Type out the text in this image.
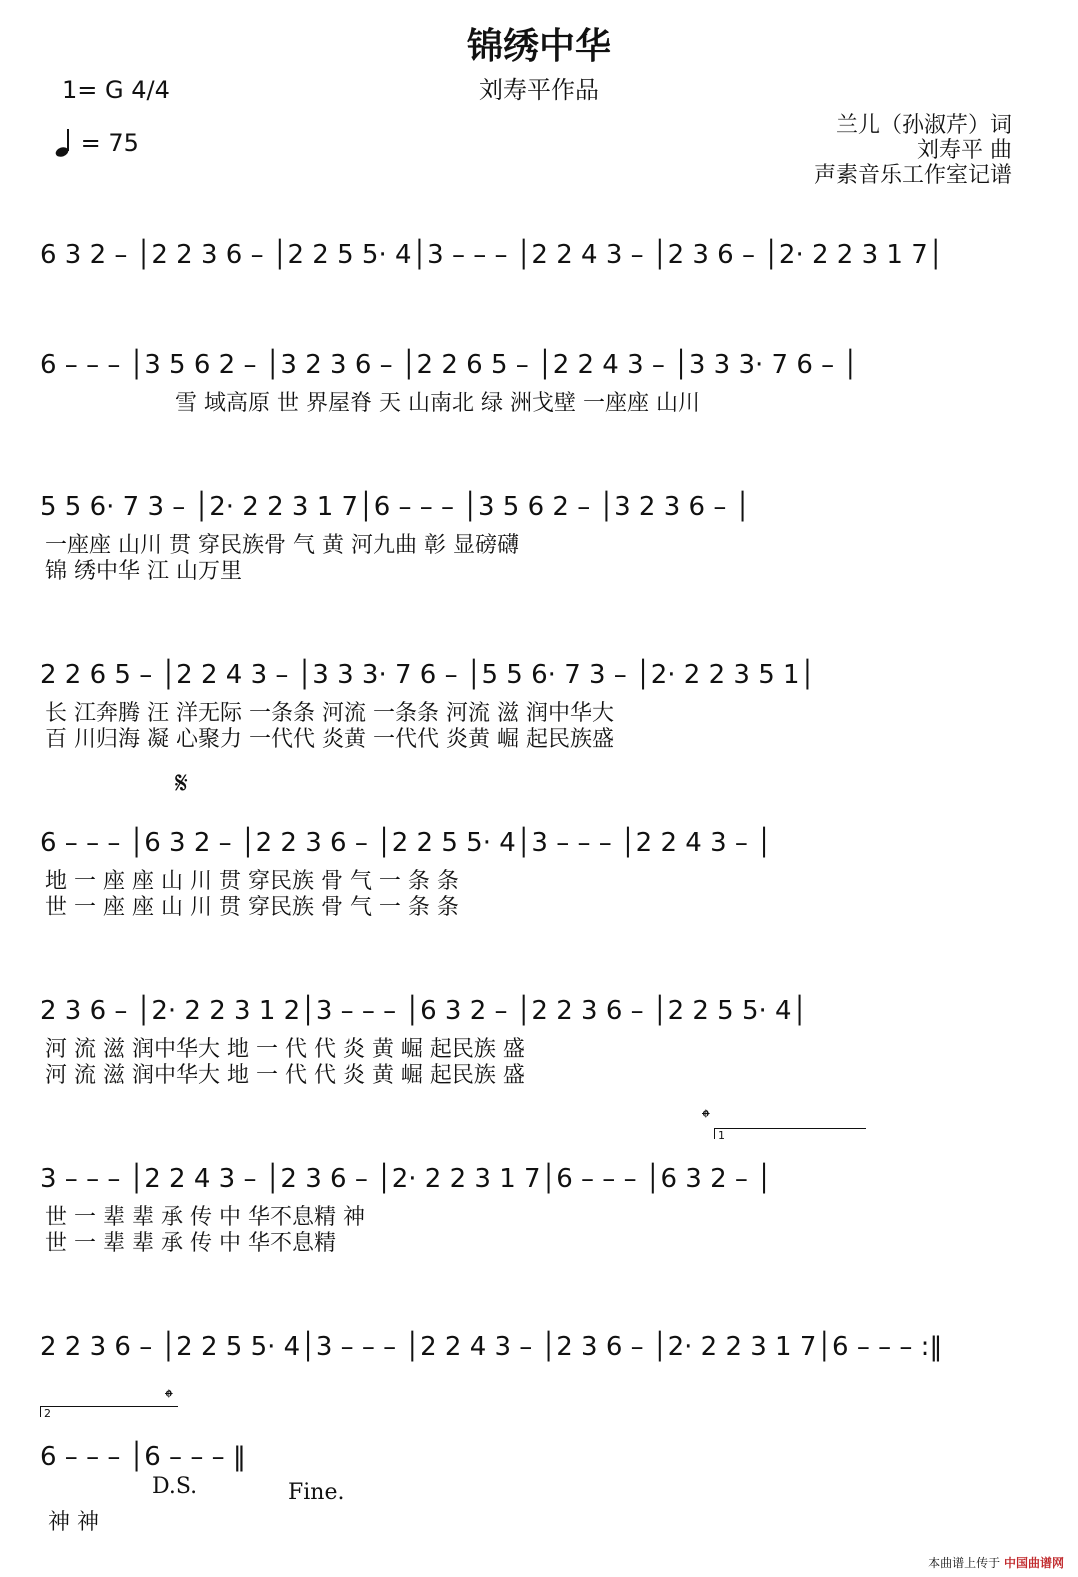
锦绣中华
刘寿平作品
1= G 4/4
= 75
兰儿（孙淑芹）词
刘寿平 曲
声素音乐工作室记谱
6 3 2 – │2 2 3 6 – │2 2 5 5· 4│3 – – – │2 2 4 3 – │2 3 6 – │2· 2 2 3 1 7│
6 – – – │3 5 6 2 – │3 2 3 6 – │2 2 6 5 – │2 2 4 3 – │3 3 3· 7 6 – │
雪 域高原 世 界屋脊 天 山南北 绿 洲戈壁 一座座 山川
5 5 6· 7 3 – │2· 2 2 3 1 7│6 – – – │3 5 6 2 – │3 2 3 6 – │
一座座 山川 贯 穿民族骨 气 黄 河九曲 彰 显磅礴
锦 绣中华 江 山万里
2 2 6 5 – │2 2 4 3 – │3 3 3· 7 6 – │5 5 6· 7 3 – │2· 2 2 3 5 1│
长 江奔腾 汪 洋无际 一条条 河流 一条条 河流 滋 润中华大
百 川归海 凝 心聚力 一代代 炎黄 一代代 炎黄 崛 起民族盛
𝄋
6 – – – │6 3 2 – │2 2 3 6 – │2 2 5 5· 4│3 – – – │2 2 4 3 – │
地 一 座 座 山 川 贯 穿民族 骨 气 一 条 条
世 一 座 座 山 川 贯 穿民族 骨 气 一 条 条
2 3 6 – │2· 2 2 3 1 2│3 – – – │6 3 2 – │2 2 3 6 – │2 2 5 5· 4│
河 流 滋 润中华大 地 一 代 代 炎 黄 崛 起民族 盛
河 流 滋 润中华大 地 一 代 代 炎 黄 崛 起民族 盛
𝄌
1
3 – – – │2 2 4 3 – │2 3 6 – │2· 2 2 3 1 7│6 – – – │6 3 2 – │
世 一 辈 辈 承 传 中 华不息精 神
世 一 辈 辈 承 传 中 华不息精
2 2 3 6 – │2 2 5 5· 4│3 – – – │2 2 4 3 – │2 3 6 – │2· 2 2 3 1 7│6 – – – :‖
2
𝄌
6 – – – │6 – – – ‖
D.S.	Fine.
神 神
本曲谱上传于 中国曲谱网
